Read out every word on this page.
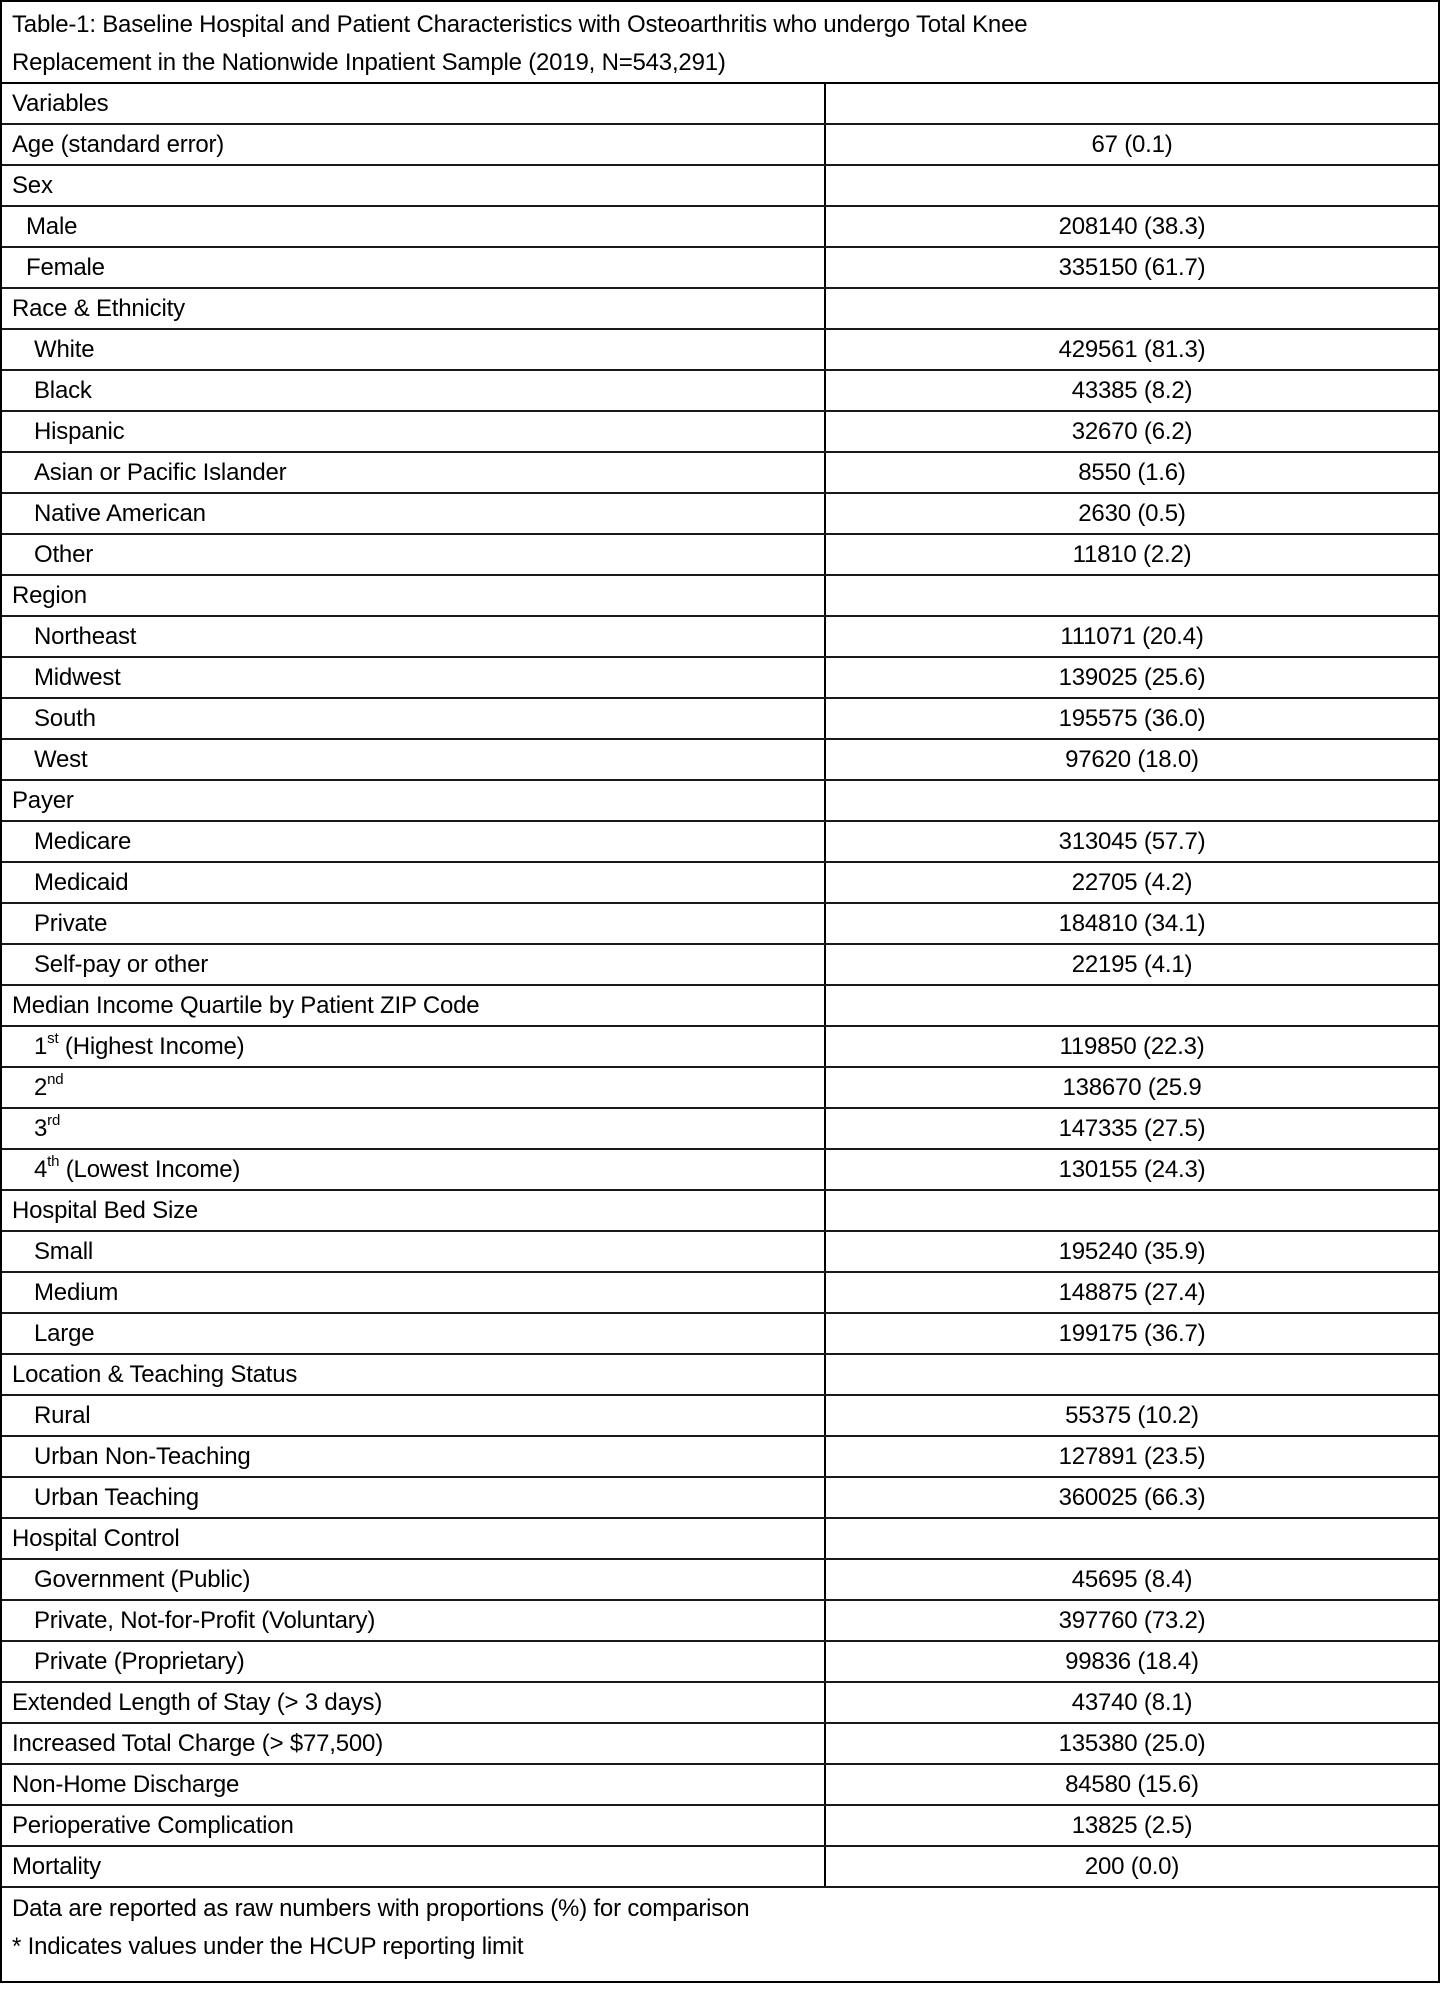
Table-1: Baseline Hospital and Patient Characteristics with Osteoarthritis who undergo Total Knee
Replacement in the Nationwide Inpatient Sample (2019, N=543,291)
Variables
Age (standard error)	67 (0.1)
Sex
Male	208140 (38.3)
Female	335150 (61.7)
Race & Ethnicity
White	429561 (81.3)
Black	43385 (8.2)
Hispanic	32670 (6.2)
Asian or Pacific Islander	8550 (1.6)
Native American	2630 (0.5)
Other	11810 (2.2)
Region
Northeast	111071 (20.4)
Midwest	139025 (25.6)
South	195575 (36.0)
West	97620 (18.0)
Payer
Medicare	313045 (57.7)
Medicaid	22705 (4.2)
Private	184810 (34.1)
Self-pay or other	22195 (4.1)
Median Income Quartile by Patient ZIP Code
1st (Highest Income)	119850 (22.3)
2nd	138670 (25.9
3rd	147335 (27.5)
4th (Lowest Income)	130155 (24.3)
Hospital Bed Size
Small	195240 (35.9)
Medium	148875 (27.4)
Large	199175 (36.7)
Location & Teaching Status
Rural	55375 (10.2)
Urban Non-Teaching	127891 (23.5)
Urban Teaching	360025 (66.3)
Hospital Control
Government (Public)	45695 (8.4)
Private, Not-for-Profit (Voluntary)	397760 (73.2)
Private (Proprietary)	99836 (18.4)
Extended Length of Stay (> 3 days)	43740 (8.1)
Increased Total Charge (> $77,500)	135380 (25.0)
Non-Home Discharge	84580 (15.6)
Perioperative Complication	13825 (2.5)
Mortality	200 (0.0)
Data are reported as raw numbers with proportions (%) for comparison
* Indicates values under the HCUP reporting limit
